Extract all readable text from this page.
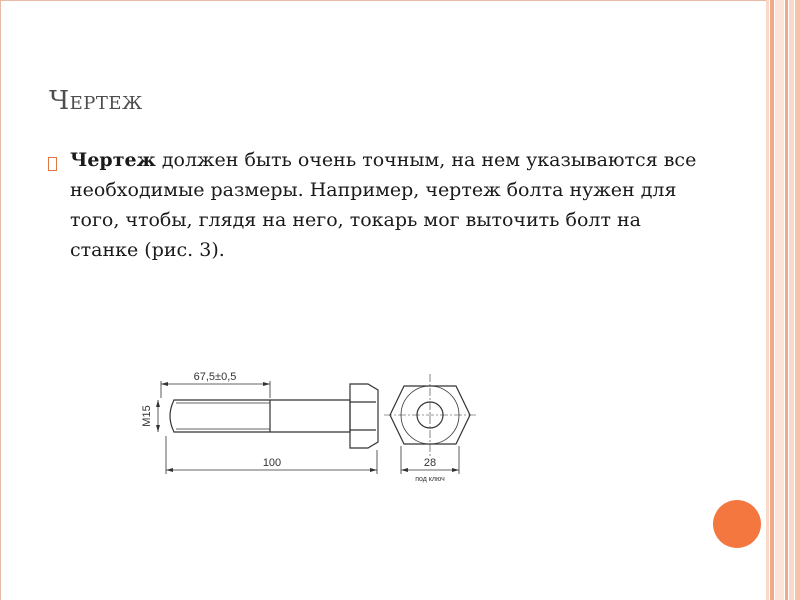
Чертеж
Чертеж должен быть очень точным, на нем указываются все необходимые размеры. Например, чертеж болта нужен для того, чтобы, глядя на него, токарь мог выточить болт на станке (рис. 3).
67,5±0,5
M15
100	28
под ключ
